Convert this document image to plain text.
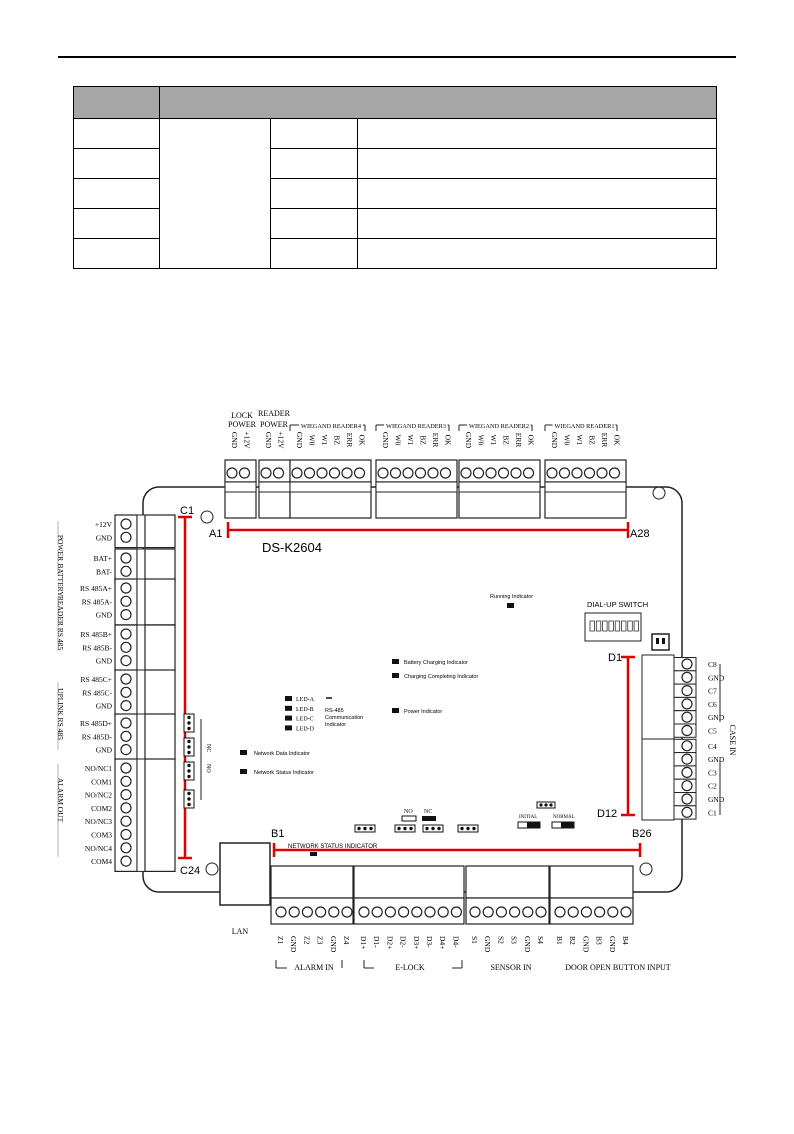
LOCK
POWER
READER
POWER WIEGAND READER4	WIEGAND READER3	WIEGAND READER2	WIEGAND READER1
GND +12V GND +12V GND W0 W1 BZ ERR OK GND W0 W1 BZ ERR OK GND W0 W1 BZ ERR OK GND W0 W1 BZ ERR OK
A1	A28
DS-K2604
C1
C24
+12V
GND
BAT+
BAT-
RS 485A+
RS 485A-
GND
RS 485B+
RS 485B-
GND
RS 485C+
RS 485C-
GND
RS 485D+
RS 485D-
GND
NO/NC1
COM1
NO/NC2
COM2
NO/NC3
COM3
NO/NC4
COM4
POWER
BATTERY
READER RS 485
UPLINK RS 485
ALARM OUT
D1
D12
C8
GND
C7
C6
GND
C5
C4
GND
C3
C2
GND
C1
CASE IN
B1	B26
NETWORK STATUS INDICATOR
Z1 GND Z2 Z3 GND Z4 D1+ D1- D2+ D2- D3+ D3- D4+ D4- S1 GND S2 S3 GND S4 B1 B2 GND B3 GND B4
ALARM IN	E-LOCK	SENSOR IN	DOOR OPEN BUTTON INPUT
LAN
Running Indicator
DIAL-UP SWITCH
Battery Charging Indicator
Charging Completing Indicator
Power Indicator
LED-A
LED-B
LED-C
LED-D
RS-485
Communication
Indicator
Network Data Indicator
Network Status Indicator
NC
NO
NO NC
INITIAL	NORMAL
